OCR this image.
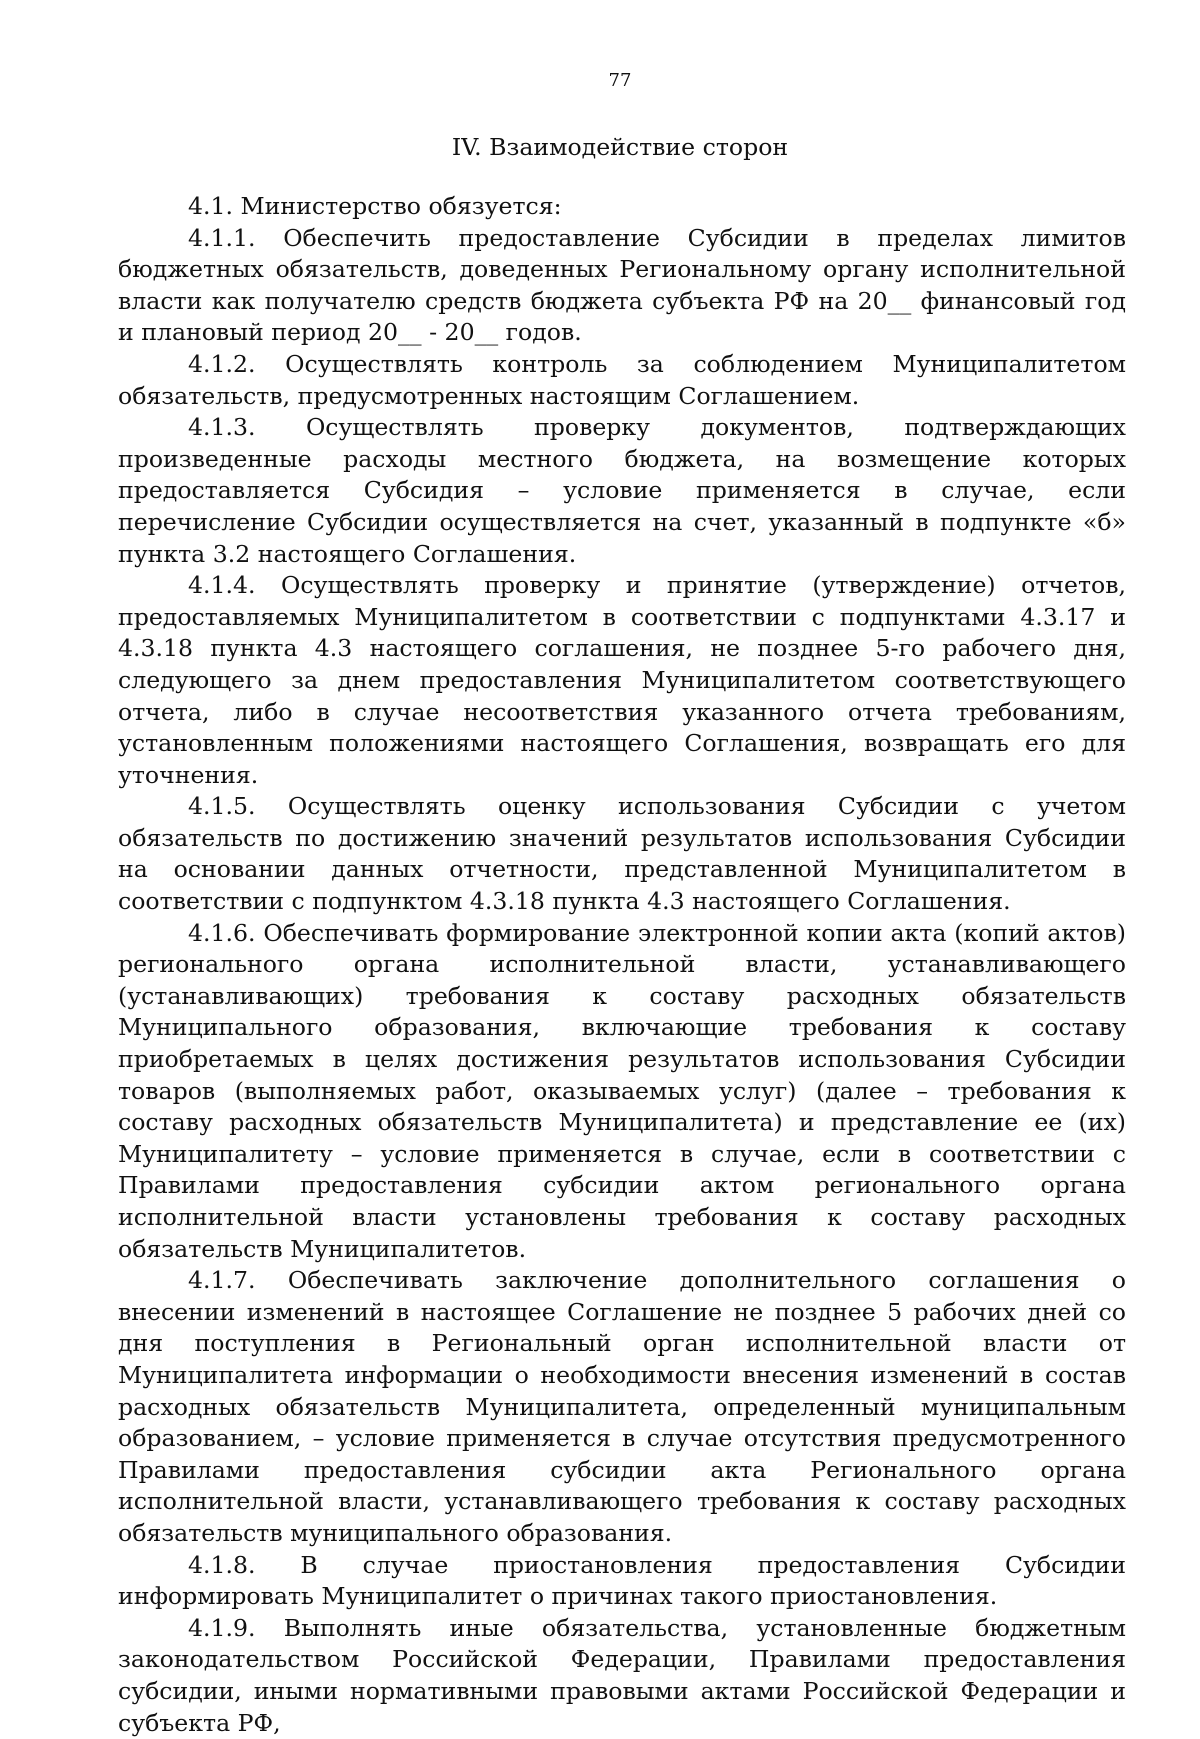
77
IV. Взаимодействие сторон

4.1. Министерство обязуется:

4.1.1. Обеспечить предоставление Субсидии в пределах лимитов бюджетных обязательств, доведенных Региональному органу исполнительной власти как получателю средств бюджета субъекта РФ на 20__ финансовый год и плановый период 20__ - 20__ годов.

4.1.2. Осуществлять контроль за соблюдением Муниципалитетом обязательств, предусмотренных настоящим Соглашением.

4.1.3. Осуществлять проверку документов, подтверждающих произведенные расходы местного бюджета, на возмещение которых предоставляется Субсидия – условие применяется в случае, если перечисление Субсидии осуществляется на счет, указанный в подпункте «б» пункта 3.2 настоящего Соглашения.

4.1.4. Осуществлять проверку и принятие (утверждение) отчетов, предоставляемых Муниципалитетом в соответствии с подпунктами 4.3.17 и 4.3.18 пункта 4.3 настоящего соглашения, не позднее 5-го рабочего дня, следующего за днем предоставления Муниципалитетом соответствующего отчета, либо в случае несоответствия указанного отчета требованиям, установленным положениями настоящего Соглашения, возвращать его для уточнения.

4.1.5. Осуществлять оценку использования Субсидии с учетом обязательств по достижению значений результатов использования Субсидии на основании данных отчетности, представленной Муниципалитетом в соответствии с подпунктом 4.3.18 пункта 4.3 настоящего Соглашения.

4.1.6. Обеспечивать формирование электронной копии акта (копий актов) регионального органа исполнительной власти, устанавливающего (устанавливающих) требования к составу расходных обязательств Муниципального образования, включающие требования к составу приобретаемых в целях достижения результатов использования Субсидии товаров (выполняемых работ, оказываемых услуг) (далее – требования к составу расходных обязательств Муниципалитета) и представление ее (их) Муниципалитету – условие применяется в случае, если в соответствии с Правилами предоставления субсидии актом регионального органа исполнительной власти установлены требования к составу расходных обязательств Муниципалитетов.

4.1.7. Обеспечивать заключение дополнительного соглашения о внесении изменений в настоящее Соглашение не позднее 5 рабочих дней со дня поступления в Региональный орган исполнительной власти от Муниципалитета информации о необходимости внесения изменений в состав расходных обязательств Муниципалитета, определенный муниципальным образованием, – условие применяется в случае отсутствия предусмотренного Правилами предоставления субсидии акта Регионального органа исполнительной власти, устанавливающего требования к составу расходных обязательств муниципального образования.

4.1.8. В случае приостановления предоставления Субсидии информировать Муниципалитет о причинах такого приостановления.

4.1.9. Выполнять иные обязательства, установленные бюджетным законодательством Российской Федерации, Правилами предоставления субсидии, иными нормативными правовыми актами Российской Федерации и субъекта РФ,
